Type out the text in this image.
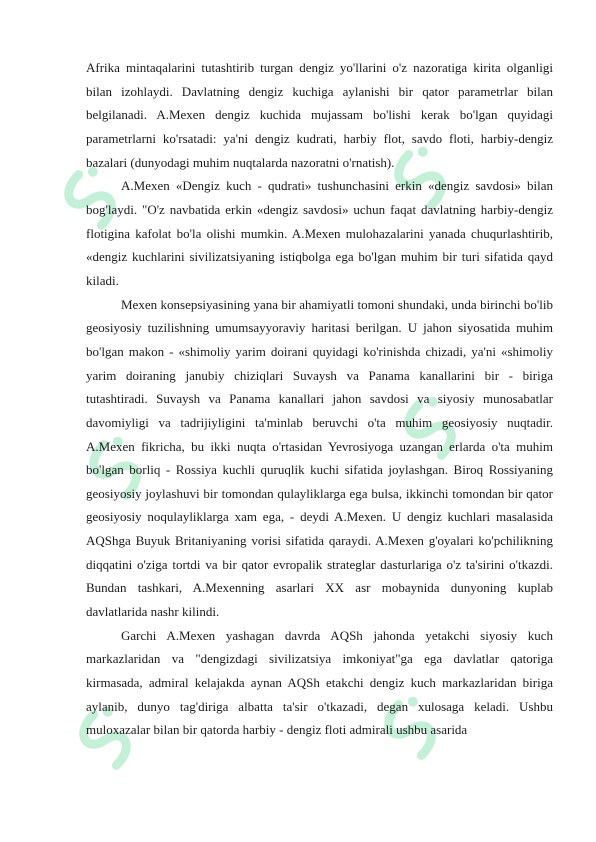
Afrika mintaqalarini tutashtirib turgan dengiz yo'llarini o'z nazoratiga kirita olganligi bilan izohlaydi. Davlatning dengiz kuchiga aylanishi bir qator parametrlar bilan belgilanadi. A.Mexen dengiz kuchida mujassam bo'lishi kerak bo'lgan quyidagi parametrlarni ko'rsatadi: ya'ni dengiz kudrati, harbiy flot, savdo floti, harbiy-dengiz bazalari (dunyodagi muhim nuqtalarda nazoratni o'rnatish).

A.Mexen «Dengiz kuch - qudrati» tushunchasini erkin «dengiz savdosi» bilan bog'laydi. "O'z navbatida erkin «dengiz savdosi» uchun faqat davlatning harbiy-dengiz flotigina kafolat bo'la olishi mumkin. A.Mexen mulohazalarini yanada chuqurlashtirib, «dengiz kuchlarini sivilizatsiyaning istiqbolga ega bo'lgan muhim bir turi sifatida qayd kiladi.

Mexen konsepsiyasining yana bir ahamiyatli tomoni shundaki, unda birinchi bo'lib geosiyosiy tuzilishning umumsayyoraviy haritasi berilgan. U jahon siyosatida muhim bo'lgan makon - «shimoliy yarim doirani quyidagi ko'rinishda chizadi, ya'ni «shimoliy yarim doiraning janubiy chiziqlari Suvaysh va Panama kanallarini bir - biriga tutashtiradi. Suvaysh va Panama kanallari jahon savdosi va siyosiy munosabatlar davomiyligi va tadrijiyligini ta'minlab beruvchi o'ta muhim geosiyosiy nuqtadir. A.Mexen fikricha, bu ikki nuqta o'rtasidan Yevrosiyoga uzangan erlarda o'ta muhim bo'lgan borliq - Rossiya kuchli quruqlik kuchi sifatida joylashgan. Biroq Rossiyaning geosiyosiy joylashuvi bir tomondan qulayliklarga ega bulsa, ikkinchi tomondan bir qator geosiyosiy noqulayliklarga xam ega, - deydi A.Mexen. U dengiz kuchlari masalasida AQShga Buyuk Britaniyaning vorisi sifatida qaraydi. A.Mexen g'oyalari ko'pchilikning diqqatini o'ziga tortdi va bir qator evropalik strateglar dasturlariga o'z ta'sirini o'tkazdi. Bundan tashkari, A.Mexenning asarlari XX asr mobaynida dunyoning kuplab davlatlarida nashr kilindi.

Garchi A.Mexen yashagan davrda AQSh jahonda yetakchi siyosiy kuch markazlaridan va "dengizdagi sivilizatsiya imkoniyat"ga ega davlatlar qatoriga kirmasada, admiral kelajakda aynan AQSh etakchi dengiz kuch markazlaridan biriga aylanib, dunyo tag'diriga albatta ta'sir o'tkazadi, degan xulosaga keladi. Ushbu muloxazalar bilan bir qatorda harbiy - dengiz floti admirali ushbu asarida
